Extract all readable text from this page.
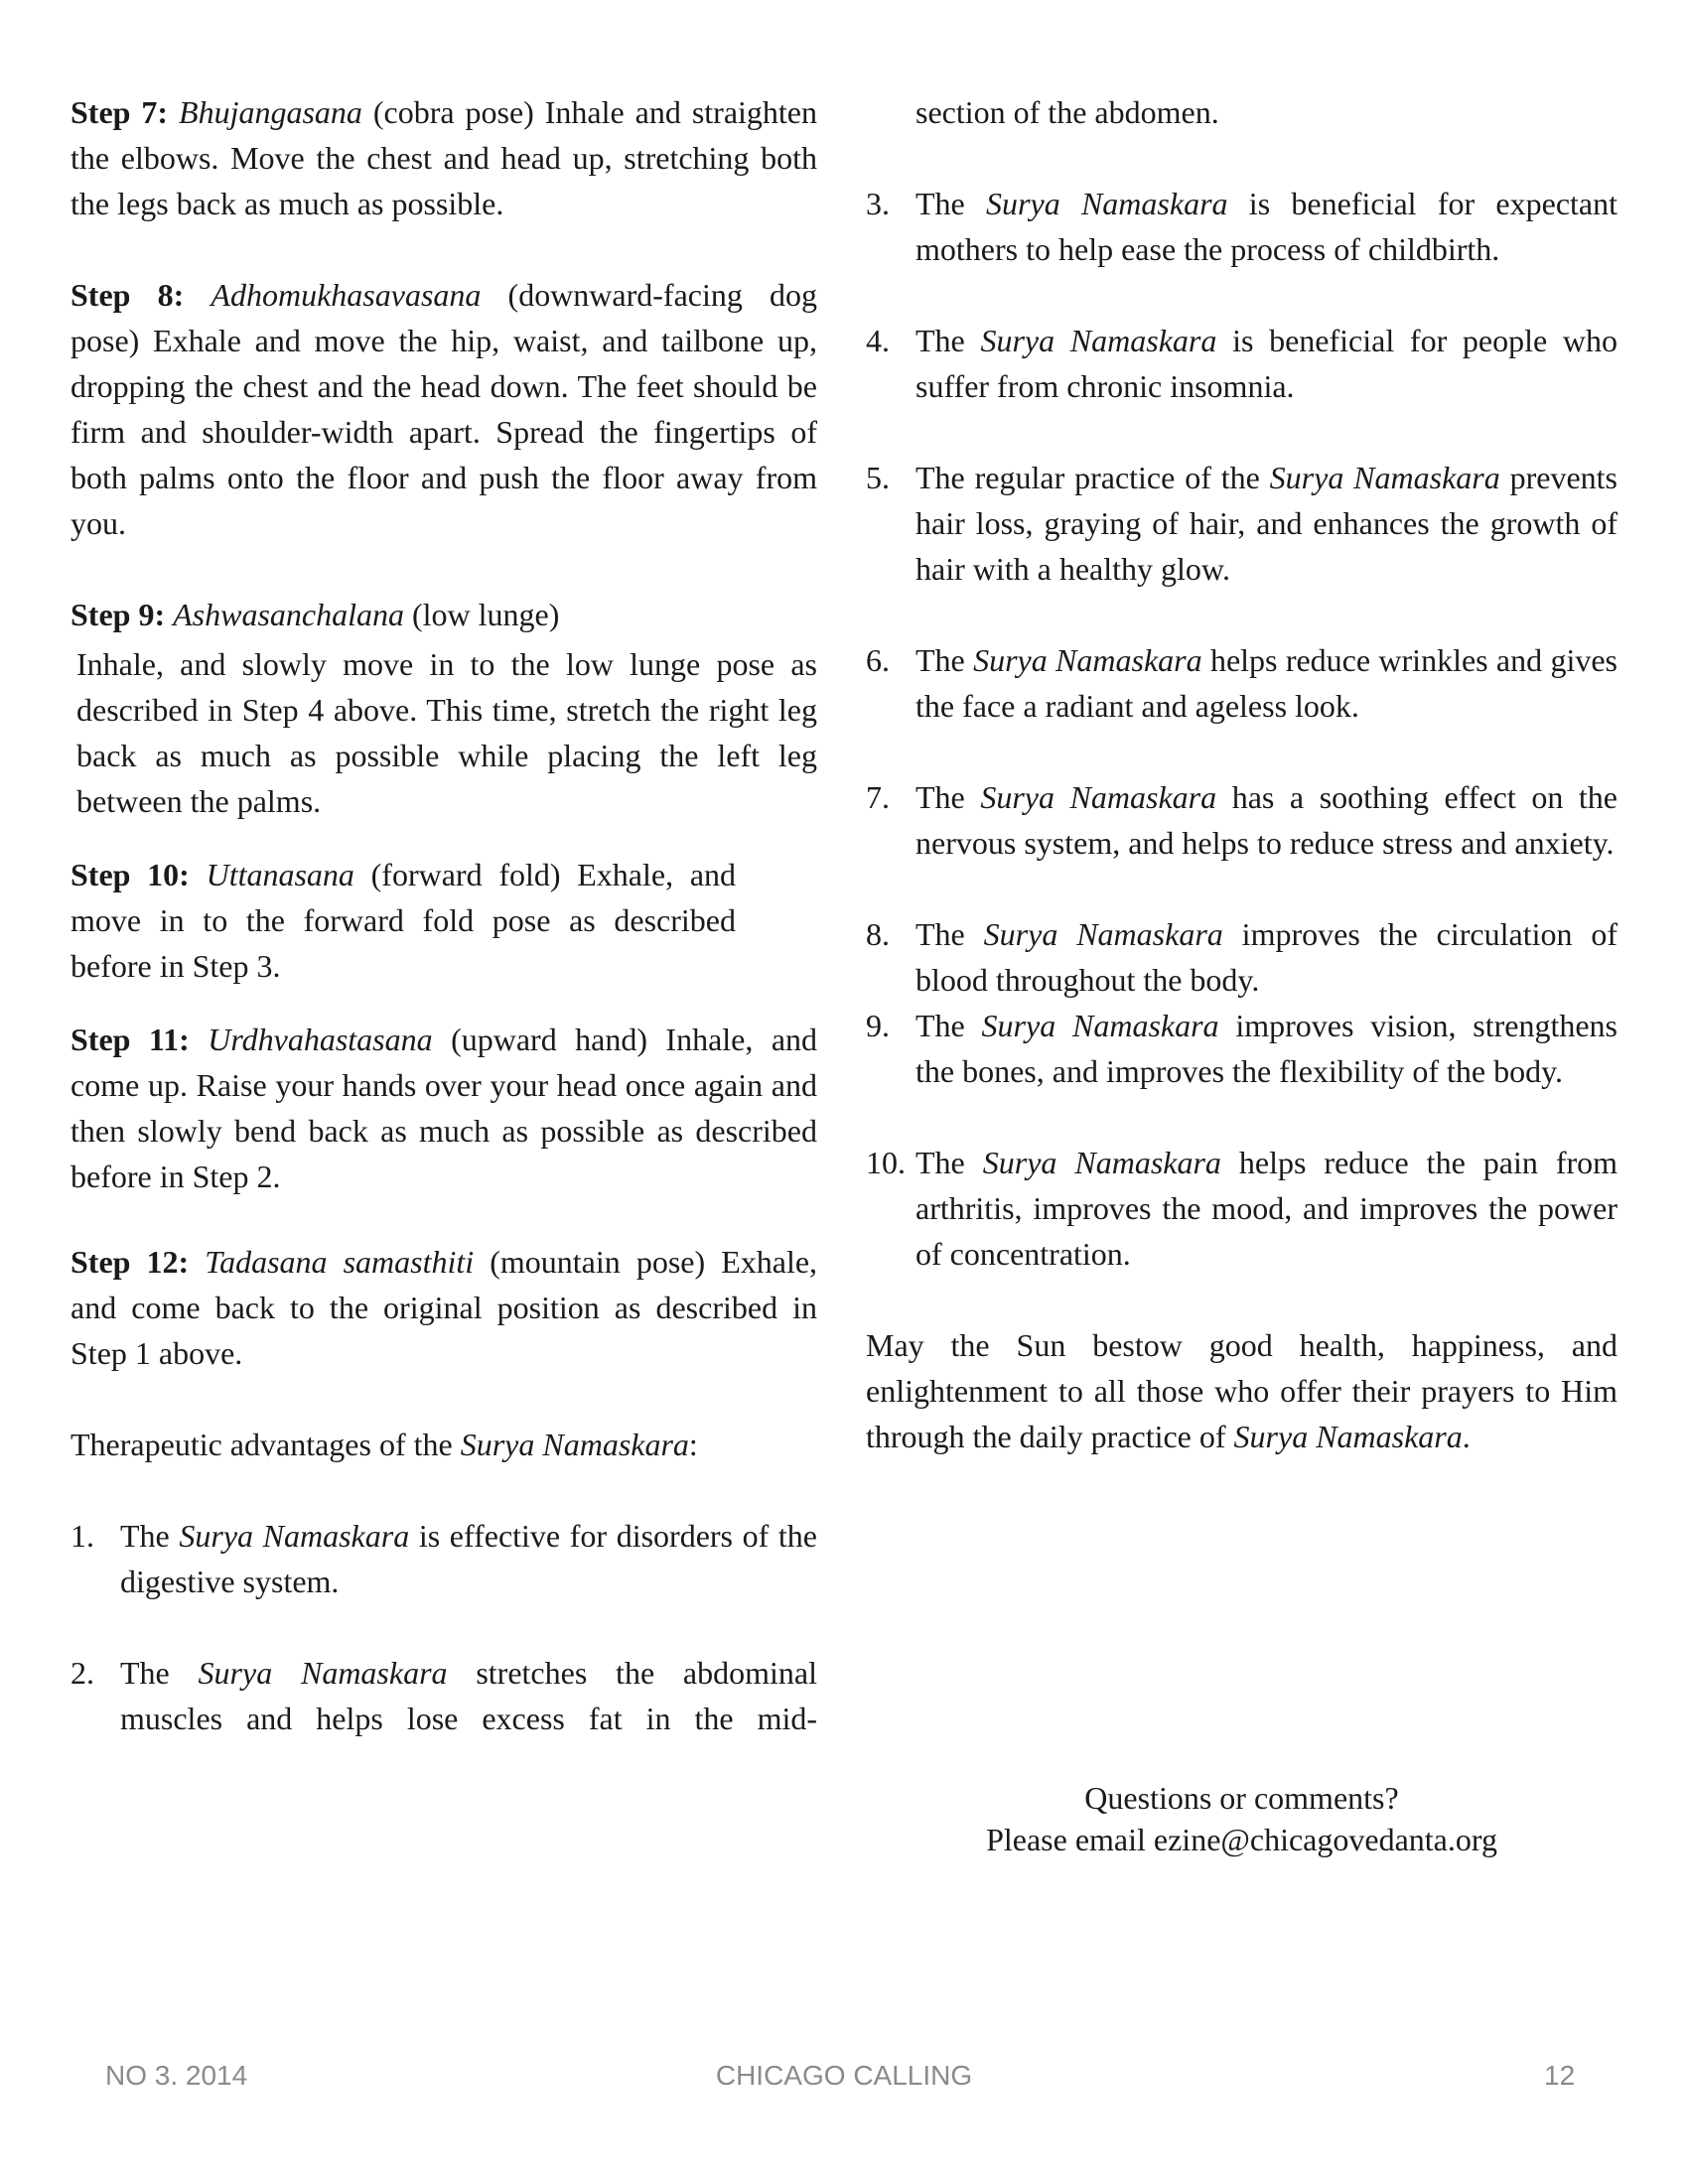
Step 7: Bhujangasana (cobra pose) Inhale and straighten the elbows. Move the chest and head up, stretching both the legs back as much as possible.

Step 8: Adhomukhasavasana (downward-facing dog pose) Exhale and move the hip, waist, and tailbone up, dropping the chest and the head down. The feet should be firm and shoulder-width apart. Spread the fingertips of both palms onto the floor and push the floor away from you.

Step 9: Ashwasanchalana (low lunge)

Inhale, and slowly move in to the low lunge pose as described in Step 4 above. This time, stretch the right leg back as much as possible while placing the left leg between the palms.

Step 10: Uttanasana (forward fold) Exhale, and move in to the forward fold pose as described before in Step 3.

Step 11: Urdhvahastasana (upward hand) Inhale, and come up. Raise your hands over your head once again and then slowly bend back as much as possible as described before in Step 2.

Step 12: Tadasana samasthiti (mountain pose) Exhale, and come back to the original position as described in Step 1 above.

Therapeutic advantages of the Surya Namaskara:

1. The Surya Namaskara is effective for disorders of the digestive system.
2. The Surya Namaskara stretches the abdominal muscles and helps lose excess fat in the mid-

section of the abdomen.

3. The Surya Namaskara is beneficial for expectant mothers to help ease the process of childbirth.
4. The Surya Namaskara is beneficial for people who suffer from chronic insomnia.
5. The regular practice of the Surya Namaskara prevents hair loss, graying of hair, and enhances the growth of hair with a healthy glow.
6. The Surya Namaskara helps reduce wrinkles and gives the face a radiant and ageless look.
7. The Surya Namaskara has a soothing effect on the nervous system, and helps to reduce stress and anxiety.
8. The Surya Namaskara improves the circulation of blood throughout the body.
9. The Surya Namaskara improves vision, strengthens the bones, and improves the flexibility of the body.
10. The Surya Namaskara helps reduce the pain from arthritis, improves the mood, and improves the power of concentration.

May the Sun bestow good health, happiness, and enlightenment to all those who offer their prayers to Him through the daily practice of Surya Namaskara.

Questions or comments?
Please email ezine@chicagovedanta.org
NO 3. 2014	CHICAGO CALLING	12
